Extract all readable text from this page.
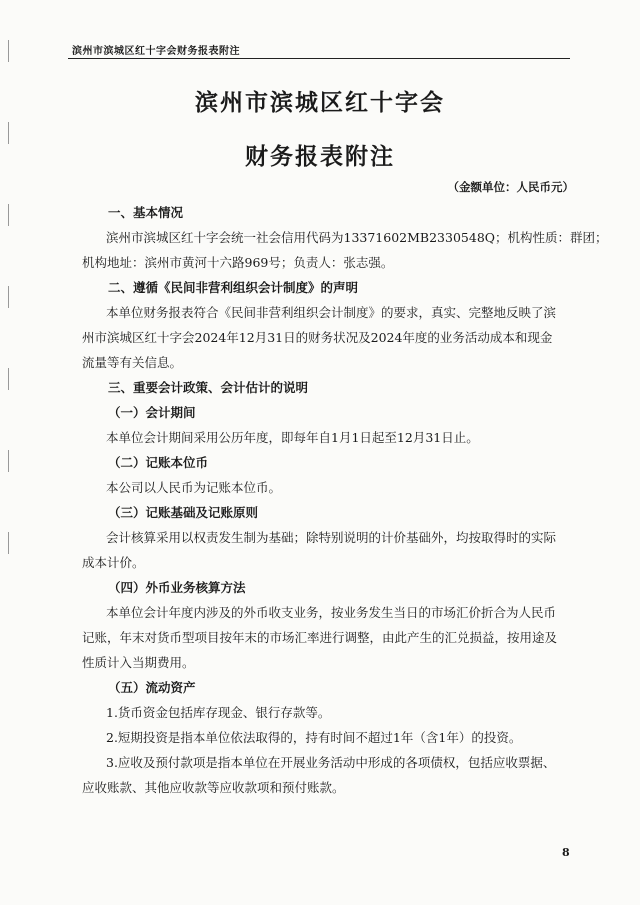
滨州市滨城区红十字会财务报表附注
滨州市滨城区红十字会
财务报表附注
（金额单位：人民币元）
一、基本情况
滨州市滨城区红十字会统一社会信用代码为13371602MB2330548Q；机构性质：群团；
机构地址：滨州市黄河十六路969号；负责人：张志强。
二、遵循《民间非营利组织会计制度》的声明
本单位财务报表符合《民间非营利组织会计制度》的要求，真实、完整地反映了滨
州市滨城区红十字会2024年12月31日的财务状况及2024年度的业务活动成本和现金
流量等有关信息。
三、重要会计政策、会计估计的说明
（一）会计期间
本单位会计期间采用公历年度，即每年自1月1日起至12月31日止。
（二）记账本位币
本公司以人民币为记账本位币。
（三）记账基础及记账原则
会计核算采用以权责发生制为基础；除特别说明的计价基础外，均按取得时的实际
成本计价。
（四）外币业务核算方法
本单位会计年度内涉及的外币收支业务，按业务发生当日的市场汇价折合为人民币
记账，年末对货币型项目按年末的市场汇率进行调整，由此产生的汇兑损益，按用途及
性质计入当期费用。
（五）流动资产
1.货币资金包括库存现金、银行存款等。
2.短期投资是指本单位依法取得的，持有时间不超过1年（含1年）的投资。
3.应收及预付款项是指本单位在开展业务活动中形成的各项债权，包括应收票据、
应收账款、其他应收款等应收款项和预付账款。
8
